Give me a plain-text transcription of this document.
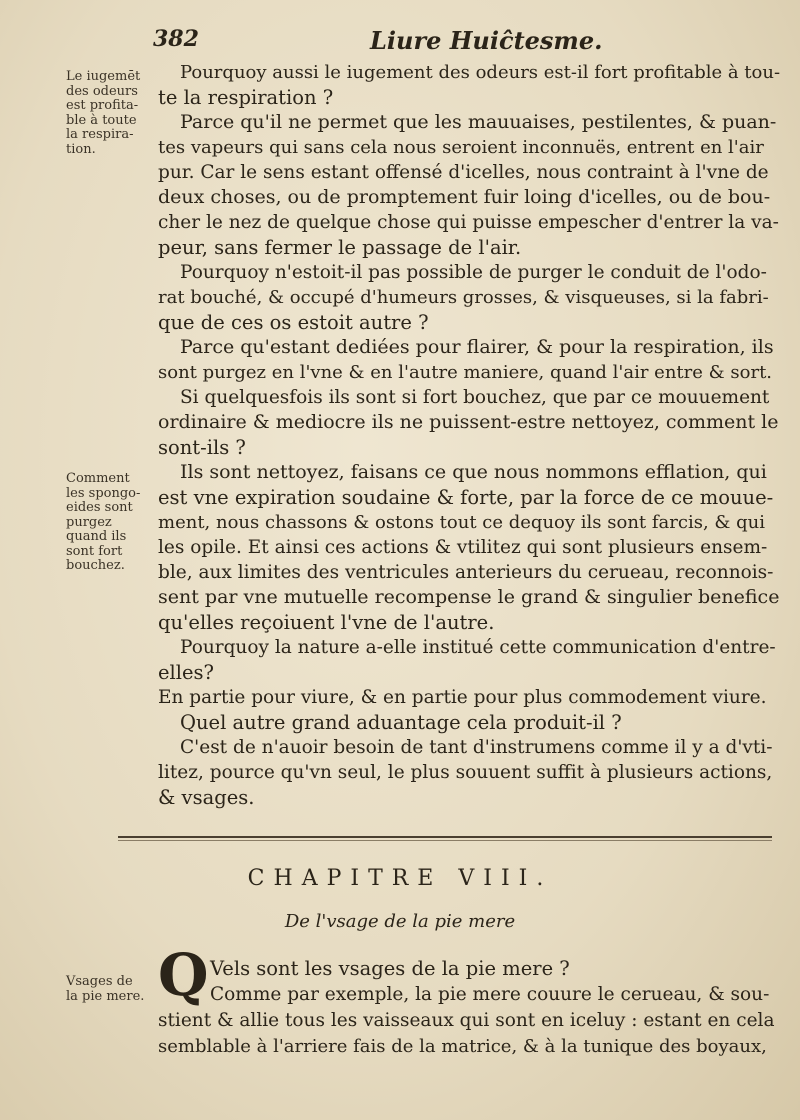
382	Liure Huiĉtesme.
Le iugemēt
des odeurs
est profita-
ble à toute
la respira-
tion.
Comment
les spongo-
eides sont
purgez
quand ils
sont fort
bouchez.
Vsages de
la pie mere.
Pourquoy aussi le iugement des odeurs est-il fort profitable à tou-
te la respiration ?
Parce qu'il ne permet que les mauuaises, pestilentes, & puan-
tes vapeurs qui sans cela nous seroient inconnuës, entrent en l'air
pur. Car le sens estant offensé d'icelles, nous contraint à l'vne de
deux choses, ou de promptement fuir loing d'icelles, ou de bou-
cher le nez de quelque chose qui puisse empescher d'entrer la va-
peur, sans fermer le passage de l'air.
Pourquoy n'estoit-il pas possible de purger le conduit de l'odo-
rat bouché, & occupé d'humeurs grosses, & visqueuses, si la fabri-
que de ces os estoit autre ?
Parce qu'estant dediées pour flairer, & pour la respiration, ils
sont purgez en l'vne & en l'autre maniere, quand l'air entre & sort.
Si quelquesfois ils sont si fort bouchez, que par ce mouuement
ordinaire & mediocre ils ne puissent-estre nettoyez, comment le
sont-ils ?
Ils sont nettoyez, faisans ce que nous nommons efflation, qui
est vne expiration soudaine & forte, par la force de ce mouue-
ment, nous chassons & ostons tout ce dequoy ils sont farcis, & qui
les opile. Et ainsi ces actions & vtilitez qui sont plusieurs ensem-
ble, aux limites des ventricules anterieurs du cerueau, reconnois-
sent par vne mutuelle recompense le grand & singulier benefice
qu'elles reçoiuent l'vne de l'autre.
Pourquoy la nature a-elle institué cette communication d'entre-
elles?
En partie pour viure, & en partie pour plus commodement viure.
Quel autre grand aduantage cela produit-il ?
C'est de n'auoir besoin de tant d'instrumens comme il y a d'vti-
litez, pource qu'vn seul, le plus souuent suffit à plusieurs actions,
& vsages.
CHAPITRE VIII.
De l'vsage de la pie mere
Q Vels sont les vsages de la pie mere ?
Comme par exemple, la pie mere couure le cerueau, & sou-
stient & allie tous les vaisseaux qui sont en iceluy : estant en cela
semblable à l'arriere fais de la matrice, & à la tunique des boyaux,
